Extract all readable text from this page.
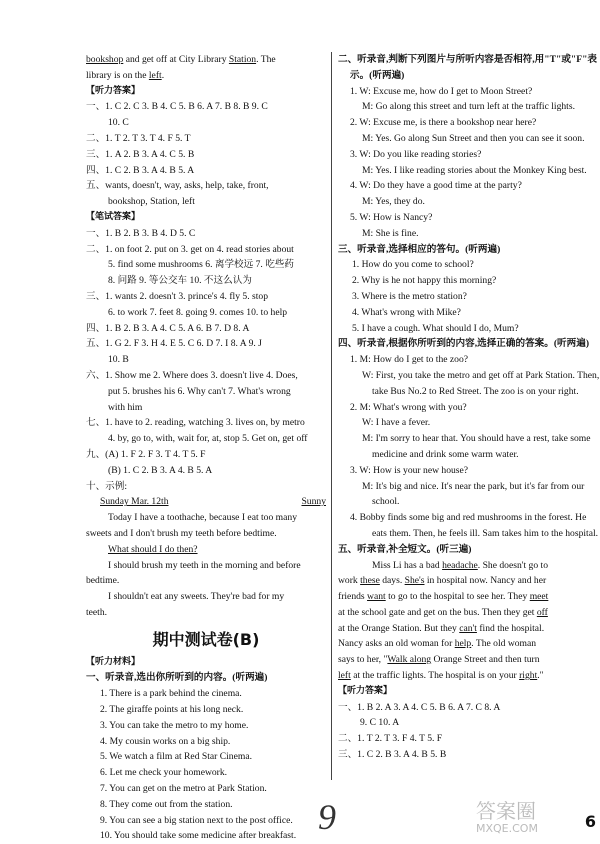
bookshop and get off at City Library Station. The

library is on the left.

【听力答案】

一、1. C 2. C 3. B 4. C 5. B 6. A 7. B 8. B 9. C

10. C

二、1. T 2. T 3. T 4. F 5. T

三、1. A 2. B 3. A 4. C 5. B

四、1. C 2. B 3. A 4. B 5. A

五、wants, doesn't, way, asks, help, take, front,

bookshop, Station, left

【笔试答案】

一、1. B 2. B 3. B 4. D 5. C

二、1. on foot 2. put on 3. get on 4. read stories about

5. find some mushrooms 6. 离学校远 7. 吃些药

8. 问路 9. 等公交车 10. 不这么认为

三、1. wants 2. doesn't 3. prince's 4. fly 5. stop

6. to work 7. feet 8. going 9. comes 10. to help

四、1. B 2. B 3. A 4. C 5. A 6. B 7. D 8. A

五、1. G 2. F 3. H 4. E 5. C 6. D 7. I 8. A 9. J

10. B

六、1. Show me 2. Where does 3. doesn't live 4. Does,

put 5. brushes his 6. Why can't 7. What's wrong

with him

七、1. have to 2. reading, watching 3. lives on, by metro

4. by, go to, with, wait for, at, stop 5. Get on, get off

九、(A) 1. F 2. F 3. T 4. T 5. F

(B) 1. C 2. B 3. A 4. B 5. A

十、示例:

Sunday Mar. 12th	Sunny

Today I have a toothache, because I eat too many

sweets and I don't brush my teeth before bedtime.

What should I do then?

I should brush my teeth in the morning and before

bedtime.

I shouldn't eat any sweets. They're bad for my

teeth.

期中测试卷(B)

【听力材料】

一、听录音,选出你所听到的内容。(听两遍)

1. There is a park behind the cinema.

2. The giraffe points at his long neck.

3. You can take the metro to my home.

4. My cousin works on a big ship.

5. We watch a film at Red Star Cinema.

6. Let me check your homework.

7. You can get on the metro at Park Station.

8. They come out from the station.

9. You can see a big station next to the post office.

10. You should take some medicine after breakfast.

二、听录音,判断下列图片与所听内容是否相符,用"T"或"F"表示。(听两遍)

1. W: Excuse me, how do I get to Moon Street?

M: Go along this street and turn left at the traffic lights.

2. W: Excuse me, is there a bookshop near here?

M: Yes. Go along Sun Street and then you can see it soon.

3. W: Do you like reading stories?

M: Yes. I like reading stories about the Monkey King best.

4. W: Do they have a good time at the party?

M: Yes, they do.

5. W: How is Nancy?

M: She is fine.

三、听录音,选择相应的答句。(听两遍)

1. How do you come to school?

2. Why is he not happy this morning?

3. Where is the metro station?

4. What's wrong with Mike?

5. I have a cough. What should I do, Mum?

四、听录音,根据你所听到的内容,选择正确的答案。(听两遍)

1. M: How do I get to the zoo?

W: First, you take the metro and get off at Park Station. Then, take Bus No.2 to Red Street. The zoo is on your right.

2. M: What's wrong with you?

W: I have a fever.

M: I'm sorry to hear that. You should have a rest, take some medicine and drink some warm water.

3. W: How is your new house?

M: It's big and nice. It's near the park, but it's far from our school.

4. Bobby finds some big and red mushrooms in the forest. He eats them. Then, he feels ill. Sam takes him to the hospital.

五、听录音,补全短文。(听三遍)

Miss Li has a bad headache. She doesn't go to

work these days. She's in hospital now. Nancy and her

friends want to go to the hospital to see her. They meet

at the school gate and get on the bus. Then they get off

at the Orange Station. But they can't find the hospital.

Nancy asks an old woman for help. The old woman

says to her, "Walk along Orange Street and then turn

left at the traffic lights. The hospital is on your right."

【听力答案】

一、1. B 2. A 3. A 4. C 5. B 6. A 7. C 8. A

9. C 10. A

二、1. T 2. T 3. F 4. T 5. F

三、1. C 2. B 3. A 4. B 5. B

9	答案圈
MXQE.COM	6
